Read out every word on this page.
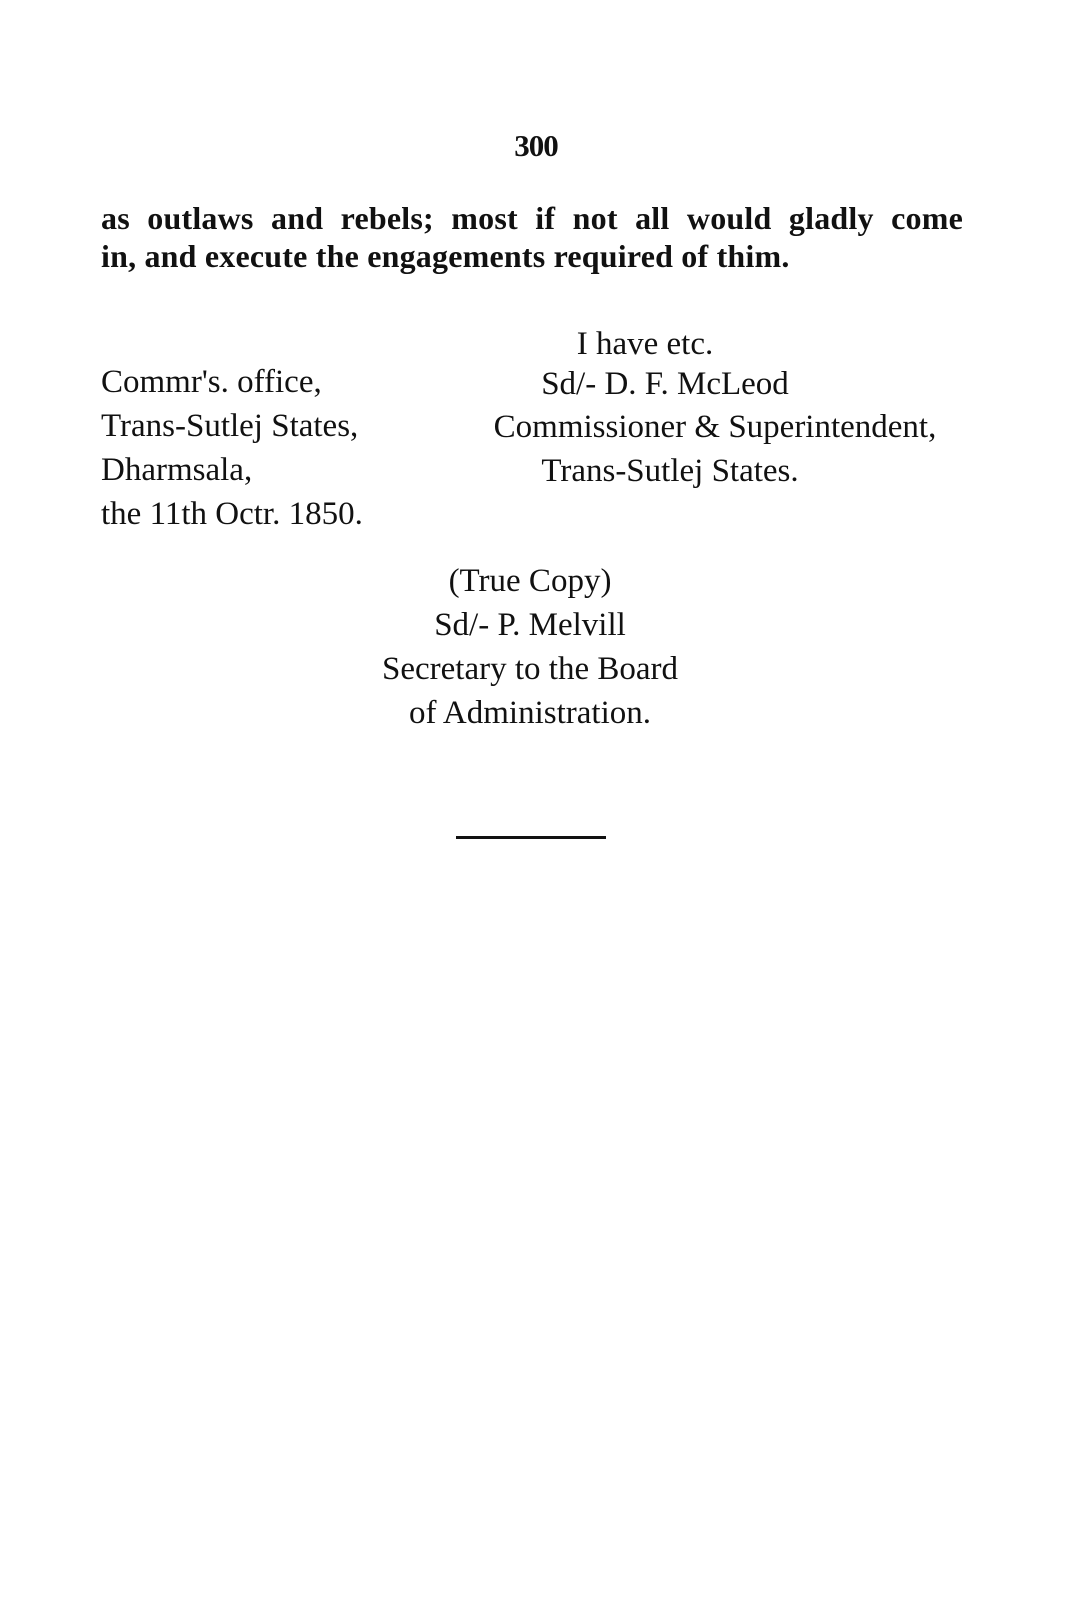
300
as outlaws and rebels; most if not all would gladly come
in, and execute the engagements required of thim.
I have etc.
Sd/- D. F. McLeod
Commissioner & Superintendent,
Trans-Sutlej States.
Commr's. office,
Trans-Sutlej States,
Dharmsala,
the 11th Octr. 1850.
(True Copy)
Sd/- P. Melvill
Secretary to the Board
of Administration.
